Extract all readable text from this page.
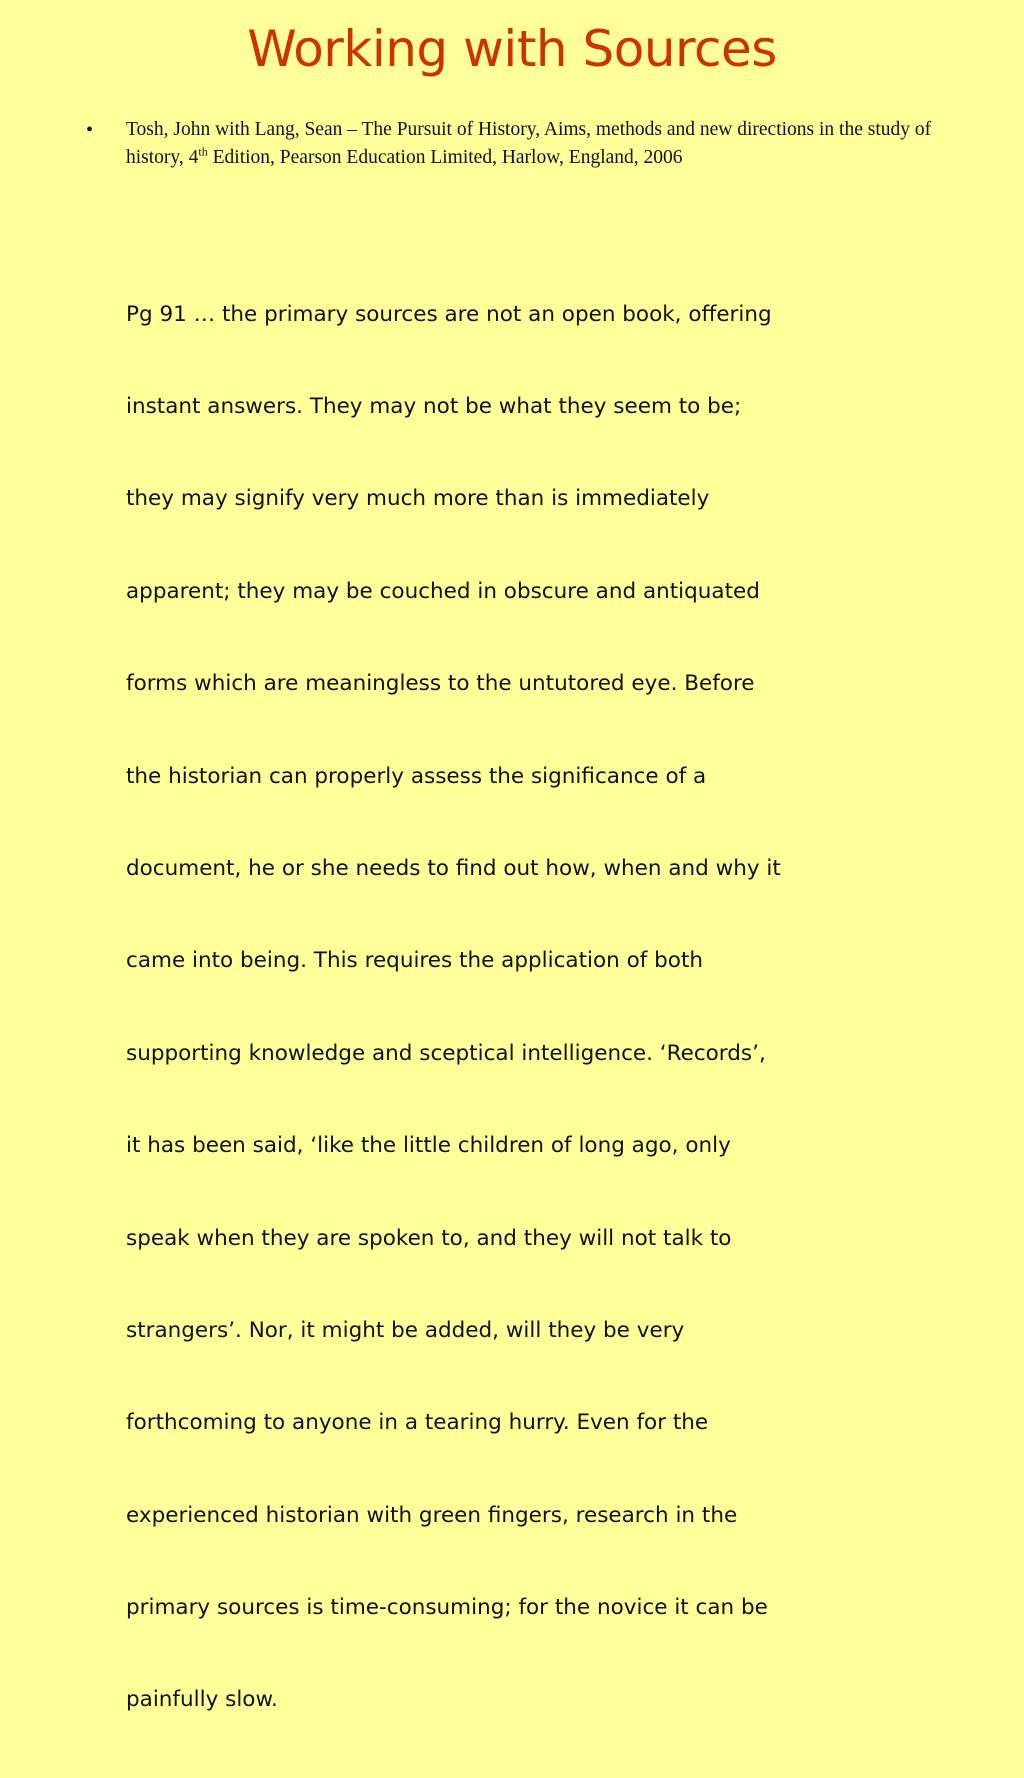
Working with Sources
• Tosh, John with Lang, Sean – The Pursuit of History, Aims, methods and new directions in the study of history, 4th Edition, Pearson Education Limited, Harlow, England, 2006

Pg 91 … the primary sources are not an open book, offering

instant answers. They may not be what they seem to be;

they may signify very much more than is immediately

apparent; they may be couched in obscure and antiquated

forms which are meaningless to the untutored eye. Before

the historian can properly assess the significance of a

document, he or she needs to find out how, when and why it

came into being. This requires the application of both

supporting knowledge and sceptical intelligence. ‘Records’,

it has been said, ‘like the little children of long ago, only

speak when they are spoken to, and they will not talk to

strangers’. Nor, it might be added, will they be very

forthcoming to anyone in a tearing hurry. Even for the

experienced historian with green fingers, research in the

primary sources is time-consuming; for the novice it can be

painfully slow.
